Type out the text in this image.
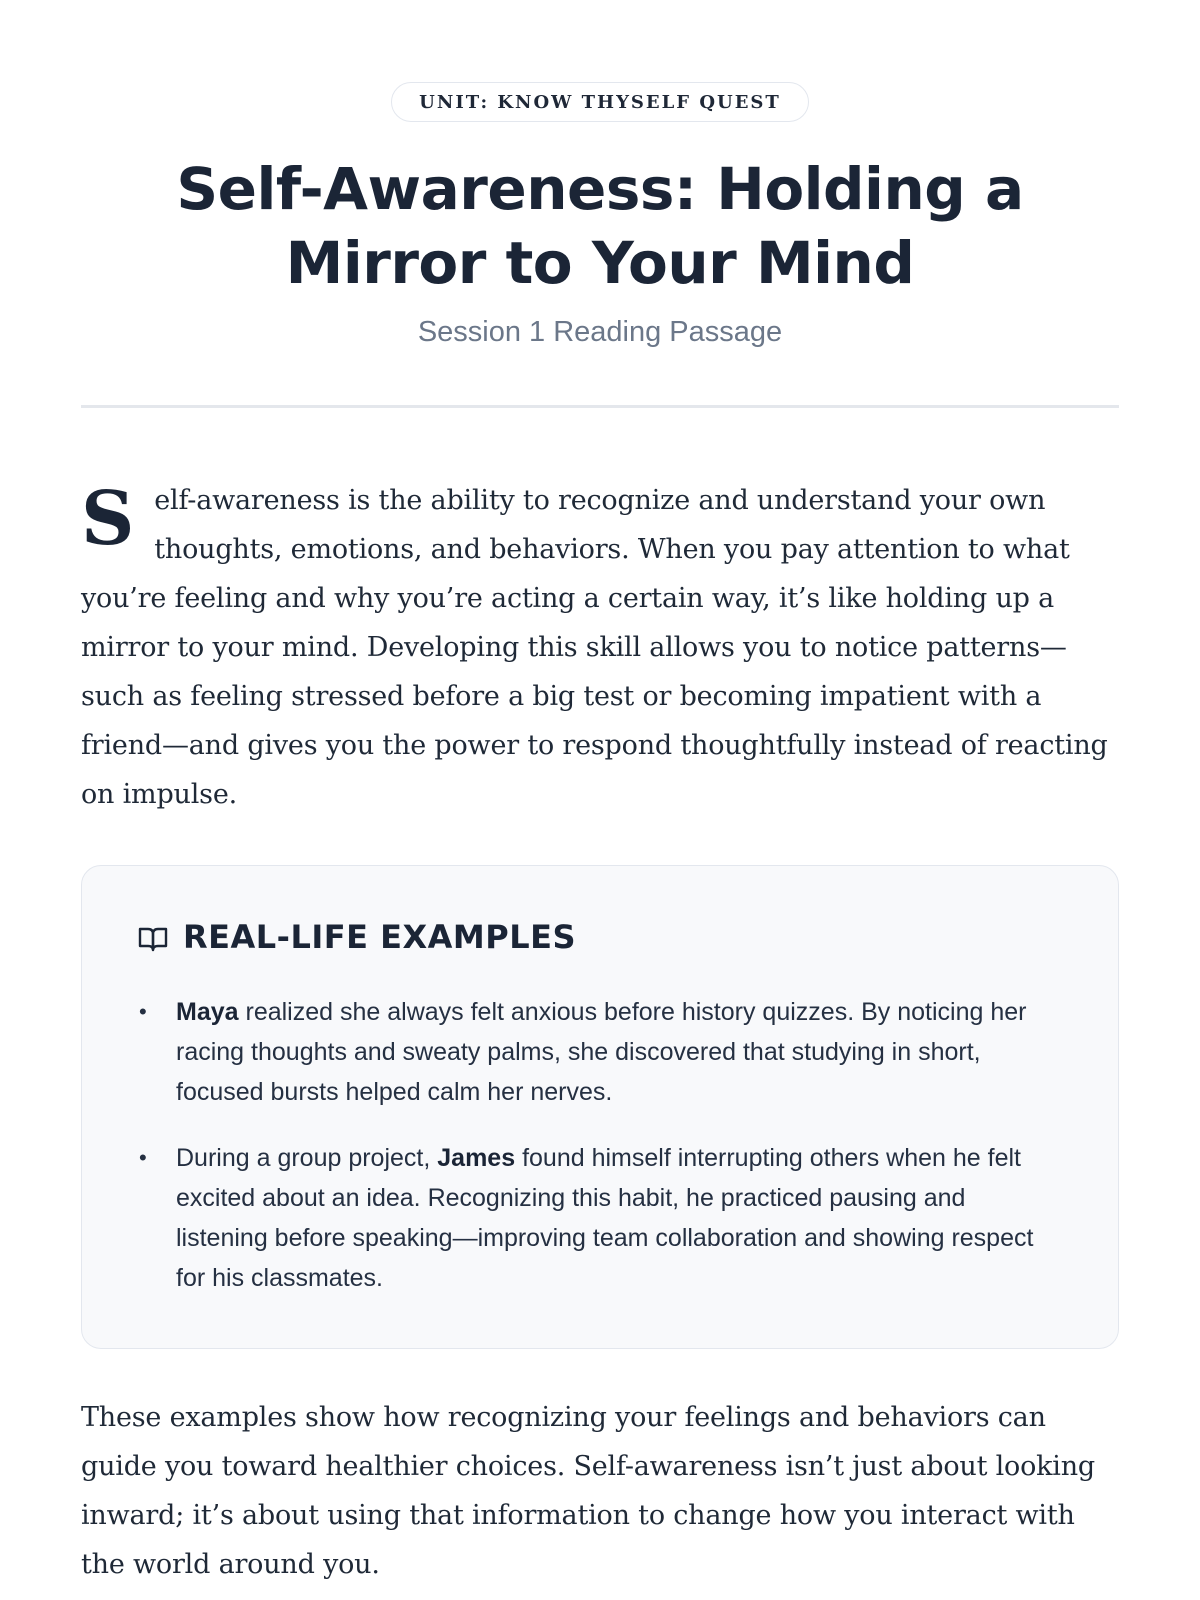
UNIT: KNOW THYSELF QUEST
Self-Awareness: Holding a Mirror to Your Mind
Session 1 Reading Passage

Self-awareness is the ability to recognize and understand your own thoughts, emotions, and behaviors. When you pay attention to what you’re feeling and why you’re acting a certain way, it’s like holding up a mirror to your mind. Developing this skill allows you to notice patterns—such as feeling stressed before a big test or becoming impatient with a friend—and gives you the power to respond thoughtfully instead of reacting on impulse.

REAL-LIFE EXAMPLES
• Maya realized she always felt anxious before history quizzes. By noticing her racing thoughts and sweaty palms, she discovered that studying in short, focused bursts helped calm her nerves.
• During a group project, James found himself interrupting others when he felt excited about an idea. Recognizing this habit, he practiced pausing and listening before speaking—improving team collaboration and showing respect for his classmates.

These examples show how recognizing your feelings and behaviors can guide you toward healthier choices. Self-awareness isn’t just about looking inward; it’s about using that information to change how you interact with the world around you.
